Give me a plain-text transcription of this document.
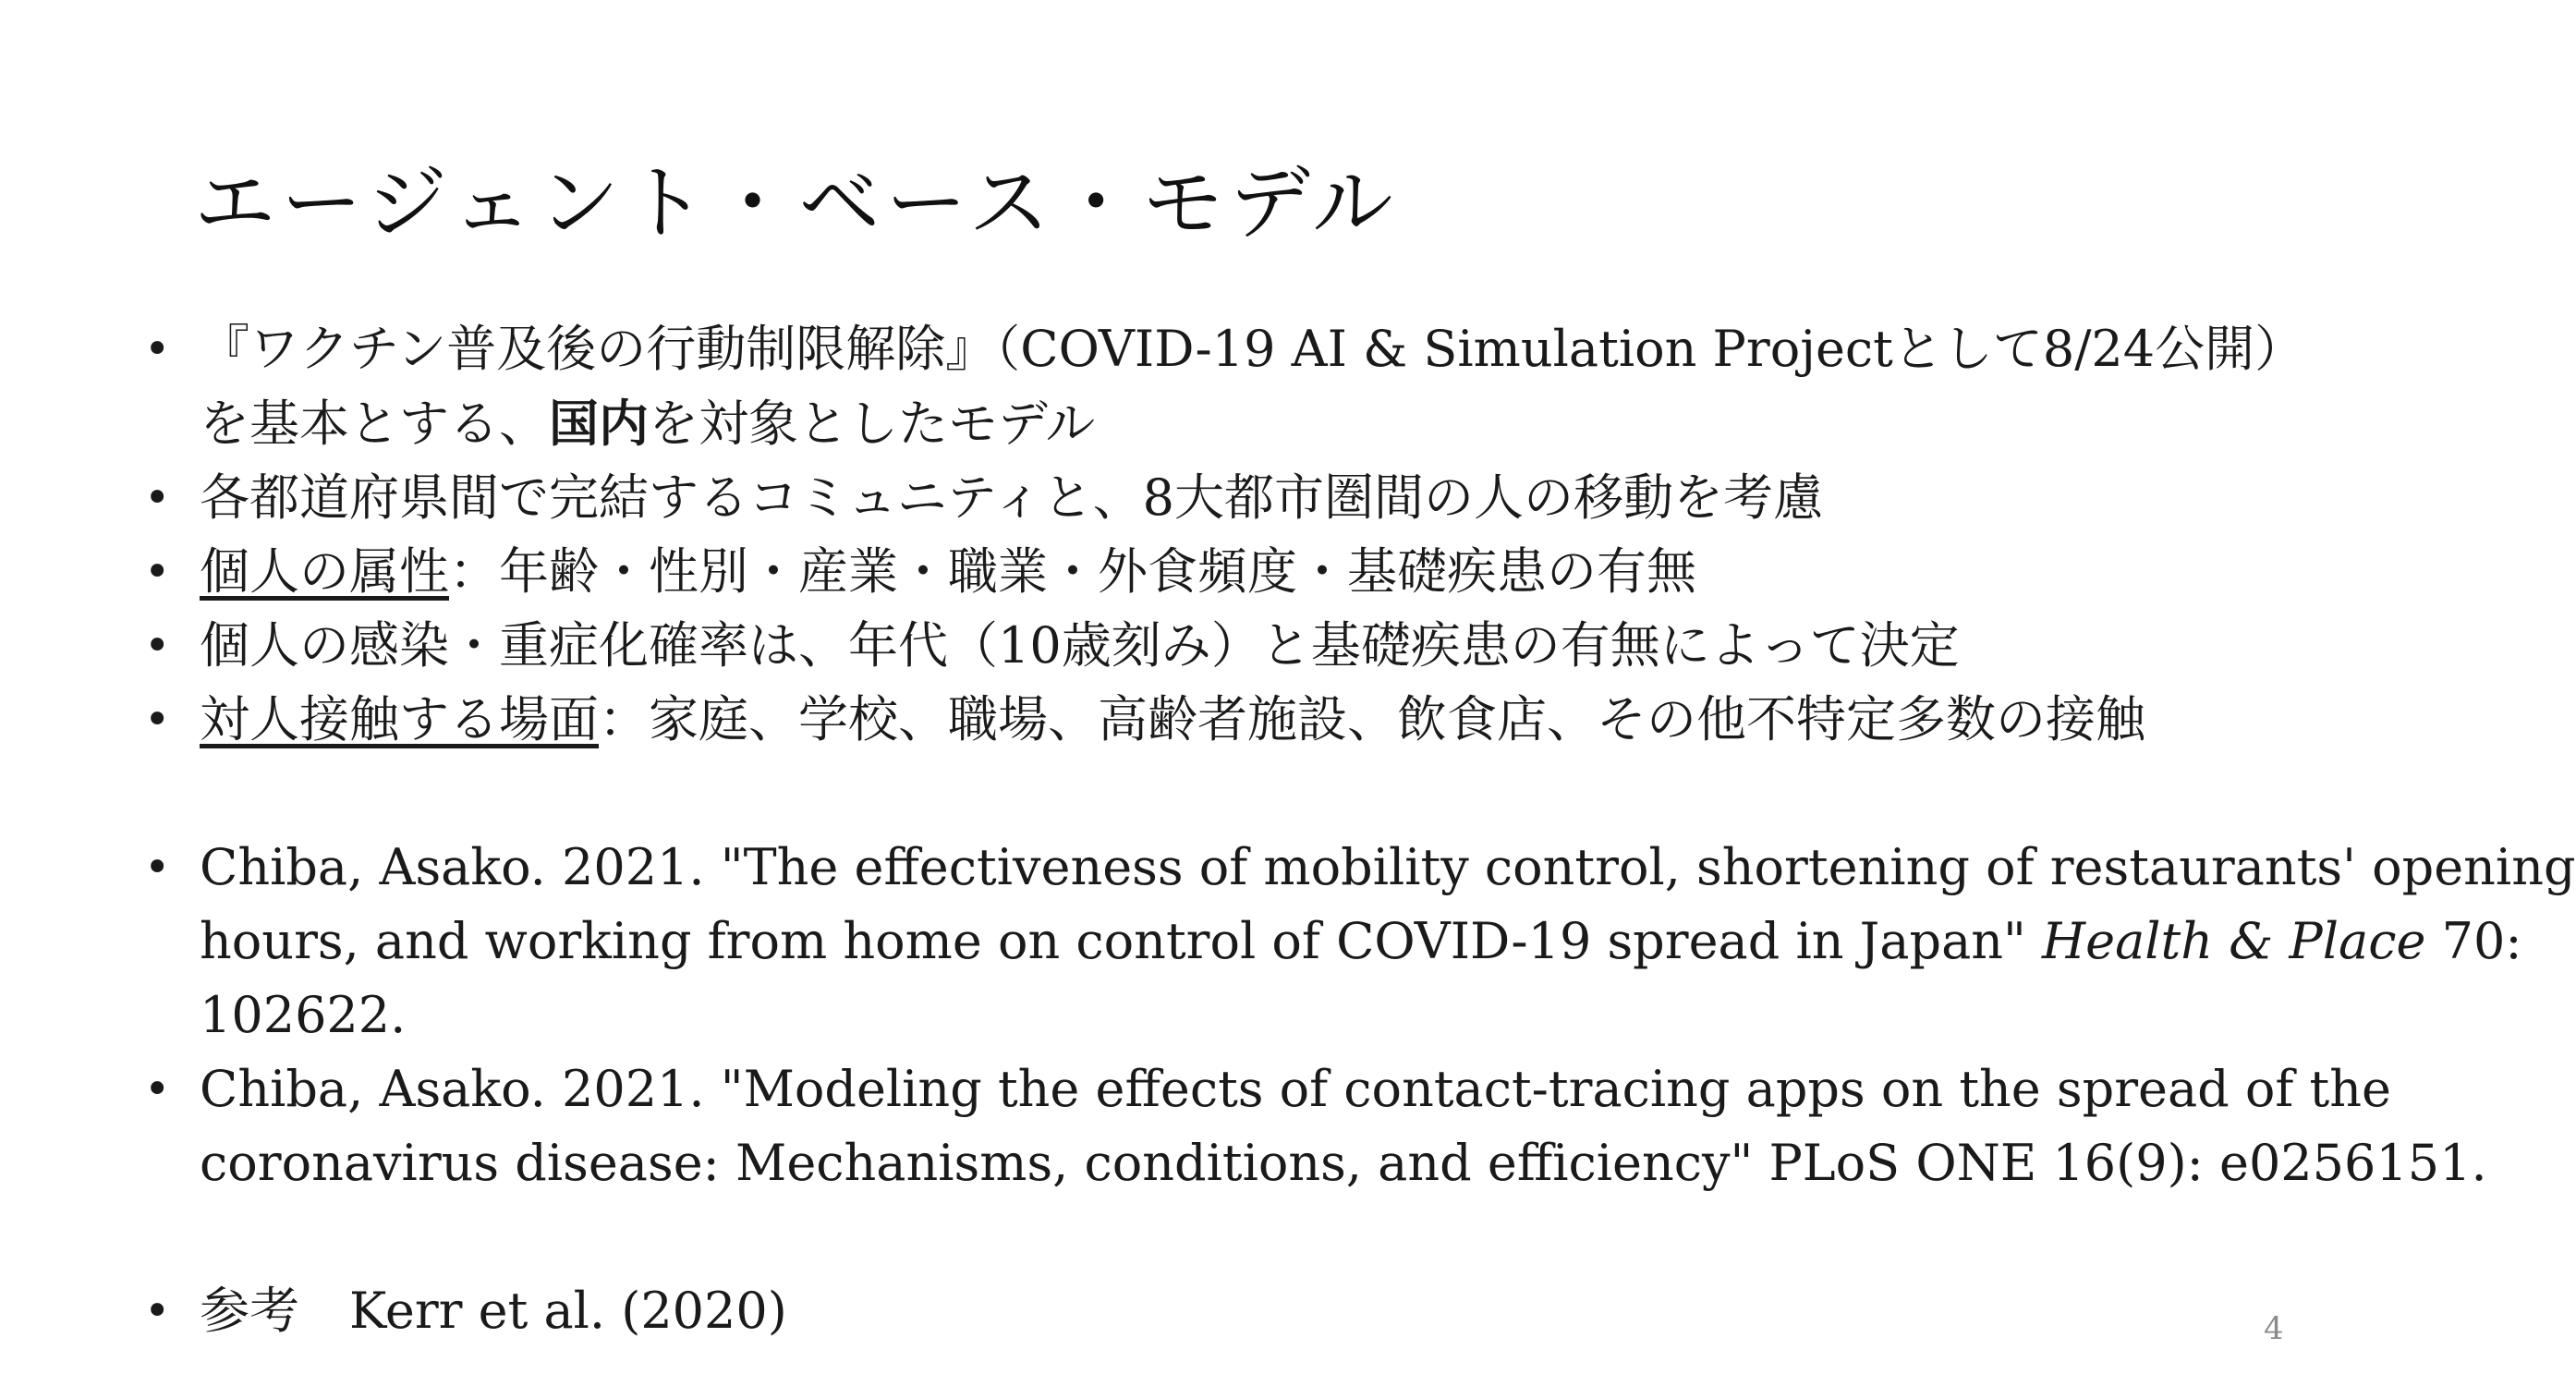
エージェント・ベース・モデル
• 『ワクチン普及後の行動制限解除』（COVID-19 AI & Simulation Projectとして8/24公開）
を基本とする、国内を対象としたモデル
• 各都道府県間で完結するコミュニティと、8大都市圏間の人の移動を考慮
• 個人の属性：年齢・性別・産業・職業・外食頻度・基礎疾患の有無
• 個人の感染・重症化確率は、年代（10歳刻み）と基礎疾患の有無によって決定
• 対人接触する場面：家庭、学校、職場、高齢者施設、飲食店、その他不特定多数の接触
• Chiba, Asako. 2021. "The effectiveness of mobility control, shortening of restaurants' opening
hours, and working from home on control of COVID-19 spread in Japan" Health & Place 70:
102622.
• Chiba, Asako. 2021. "Modeling the effects of contact-tracing apps on the spread of the
coronavirus disease: Mechanisms, conditions, and efficiency" PLoS ONE 16(9): e0256151.
• 参考　Kerr et al. (2020)	4
